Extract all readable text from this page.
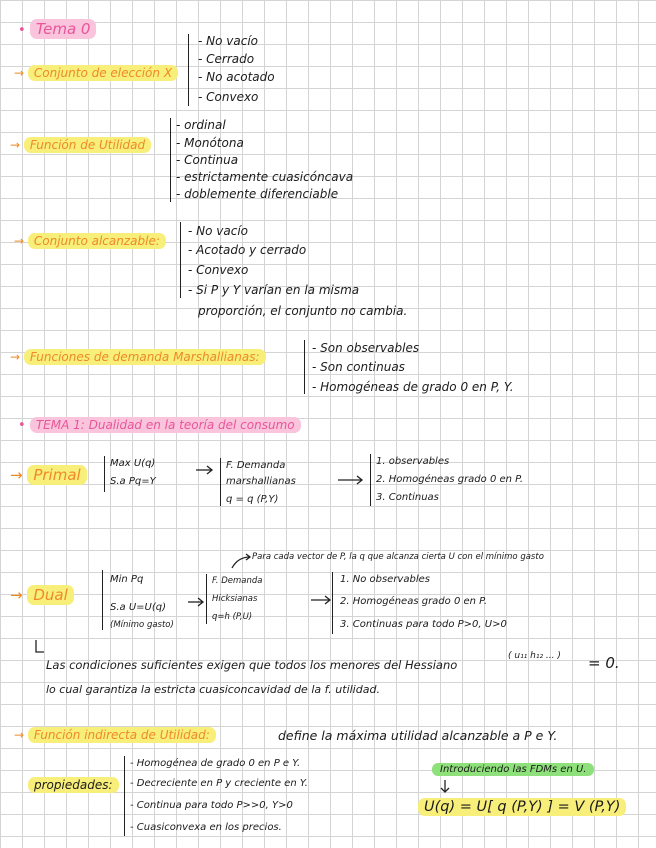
• Tema 0
→ Conjunto de elección X
- No vacío
- Cerrado
- No acotado
- Convexo
→ Función de Utilidad
- ordinal
- Monótona
- Continua
- estrictamente cuasicóncava
- doblemente diferenciable
→ Conjunto alcanzable:
- No vacío
- Acotado y cerrado
- Convexo
- Si P y Y varían en la misma
proporción, el conjunto no cambia.
→ Funciones de demanda Marshallianas:
- Son observables
- Son continuas
- Homogéneas de grado 0 en P, Y.
• TEMA 1: Dualidad en la teoría del consumo
→ Primal
Max U(q)
S.a Pq=Y
F. Demanda
marshallianas
q = q (P,Y)
1. observables
2. Homogéneas grado 0 en P.
3. Continuas
Para cada vector de P, la q que alcanza cierta U con el mínimo gasto
→ Dual
Min Pq
S.a U=U(q)
(Mínimo gasto)
F. Demanda
Hicksianas
q=h (P,U)
1. No observables
2. Homogéneas grado 0 en P.
3. Continuas para todo P>0, U>0
Las condiciones suficientes exigen que todos los menores del Hessiano
( u₁₁ h₁₂ ... ) = 0.
lo cual garantiza la estricta cuasiconcavidad de la f. utilidad.
→ Función indirecta de Utilidad:	define la máxima utilidad alcanzable a P e Y.
propiedades:
- Homogénea de grado 0 en P e Y.
- Decreciente en P y creciente en Y.
- Continua para todo P>>0, Y>0
- Cuasiconvexa en los precios.
Introduciendo las FDMs en U.
U(q) = U[ q (P,Y) ] = V (P,Y)
